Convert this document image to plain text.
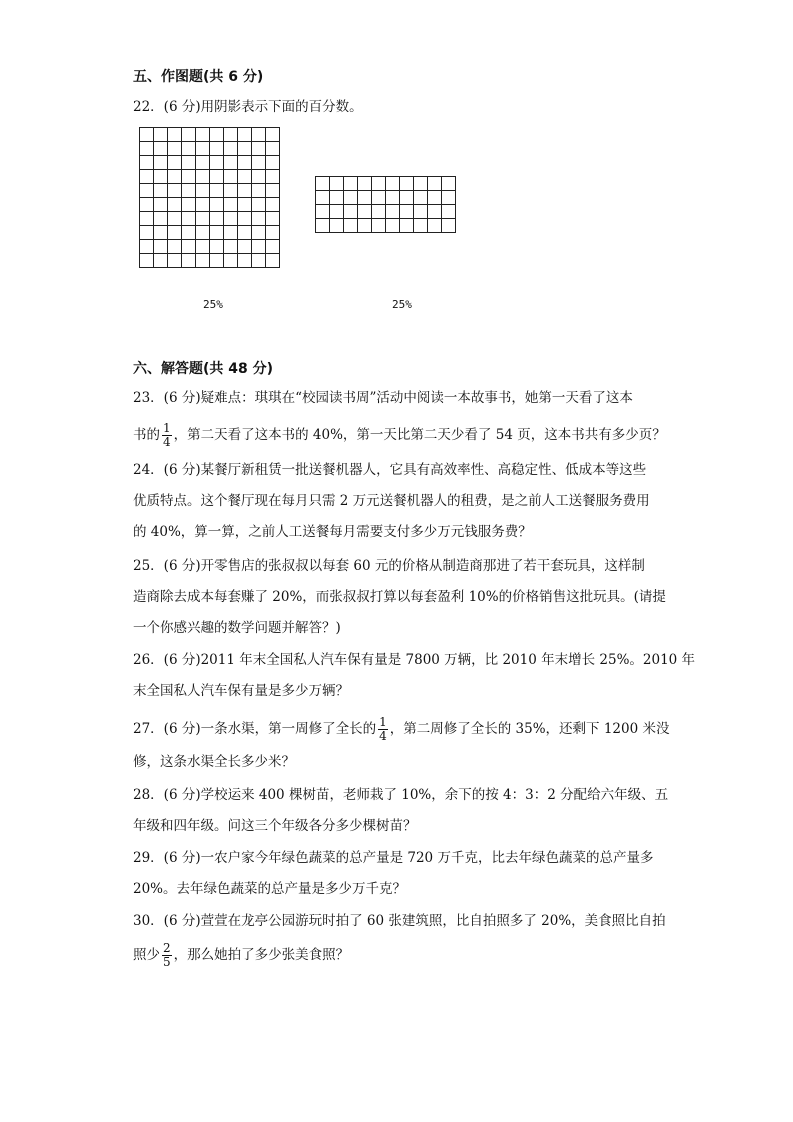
五、作图题(共 6 分)
22．(6 分)用阴影表示下面的百分数。

25%	25%
六、解答题(共 48 分)
23．(6 分)疑难点：琪琪在“校园读书周”活动中阅读一本故事书，她第一天看了这本
书的 $\frac{1}{4}$ ，第二天看了这本书的 40%，第一天比第二天少看了 54 页，这本书共有多少页？
24．(6 分)某餐厅新租赁一批送餐机器人，它具有高效率性、高稳定性、低成本等这些
优质特点。这个餐厅现在每月只需 2 万元送餐机器人的租费，是之前人工送餐服务费用
的 40%，算一算，之前人工送餐每月需要支付多少万元钱服务费？
25．(6 分)开零售店的张叔叔以每套 60 元的价格从制造商那进了若干套玩具，这样制
造商除去成本每套赚了 20%，而张叔叔打算以每套盈利 10%的价格销售这批玩具。(请提
一个你感兴趣的数学问题并解答？)
26．(6 分)2011 年末全国私人汽车保有量是 7800 万辆，比 2010 年末增长 25%。2010 年
末全国私人汽车保有量是多少万辆？
27．(6 分)一条水渠，第一周修了全长的 $\frac{1}{4}$ ，第二周修了全长的 35%，还剩下 1200 米没
修，这条水渠全长多少米？
28．(6 分)学校运来 400 棵树苗，老师栽了 10%，余下的按 4：3：2 分配给六年级、五
年级和四年级。问这三个年级各分多少棵树苗？
29．(6 分)一农户家今年绿色蔬菜的总产量是 720 万千克，比去年绿色蔬菜的总产量多
20%。去年绿色蔬菜的总产量是多少万千克？
30．(6 分)萱萱在龙亭公园游玩时拍了 60 张建筑照，比自拍照多了 20%，美食照比自拍
照少 $\frac{2}{5}$ ，那么她拍了多少张美食照？
